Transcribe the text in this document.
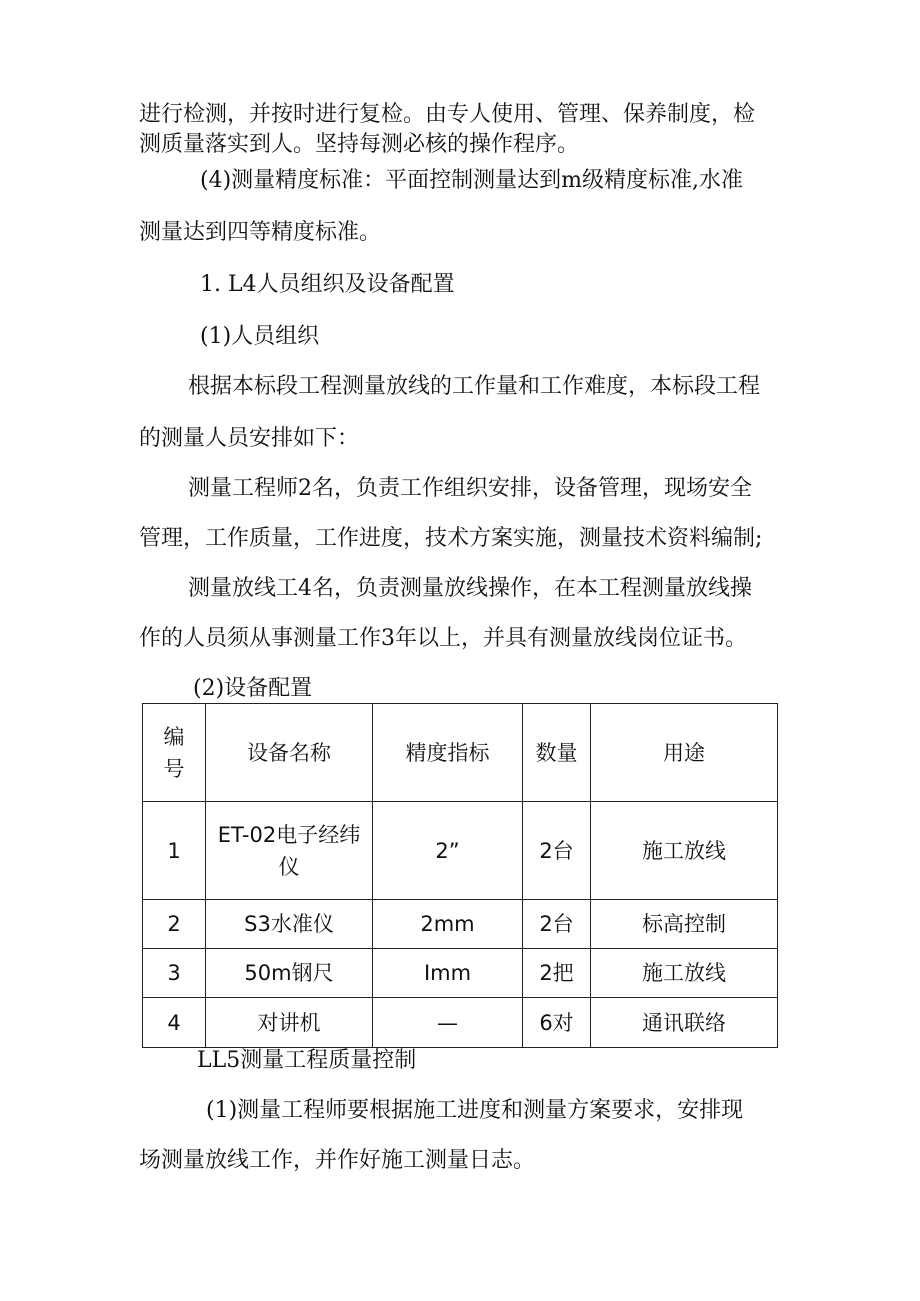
进行检测，并按时进行复检。由专人使用、管理、保养制度，检
测质量落实到人。坚持每测必核的操作程序。
(4)测量精度标准：平面控制测量达到m级精度标准,水准
测量达到四等精度标准。
1. L4人员组织及设备配置
(1)人员组织
根据本标段工程测量放线的工作量和工作难度，本标段工程
的测量人员安排如下：
测量工程师2名，负责工作组织安排，设备管理，现场安全
管理，工作质量，工作进度，技术方案实施，测量技术资料编制;
测量放线工4名，负责测量放线操作，在本工程测量放线操
作的人员须从事测量工作3年以上，并具有测量放线岗位证书。
(2)设备配置
编
号	设备名称	精度指标	数量	用途
1	ET-02电子经纬
仪	2”	2台	施工放线
2	S3水准仪	2mm	2台	标高控制
3	50m钢尺	Imm	2把	施工放线
4	对讲机	—	6对	通讯联络
LL5测量工程质量控制
(1)测量工程师要根据施工进度和测量方案要求，安排现
场测量放线工作，并作好施工测量日志。
